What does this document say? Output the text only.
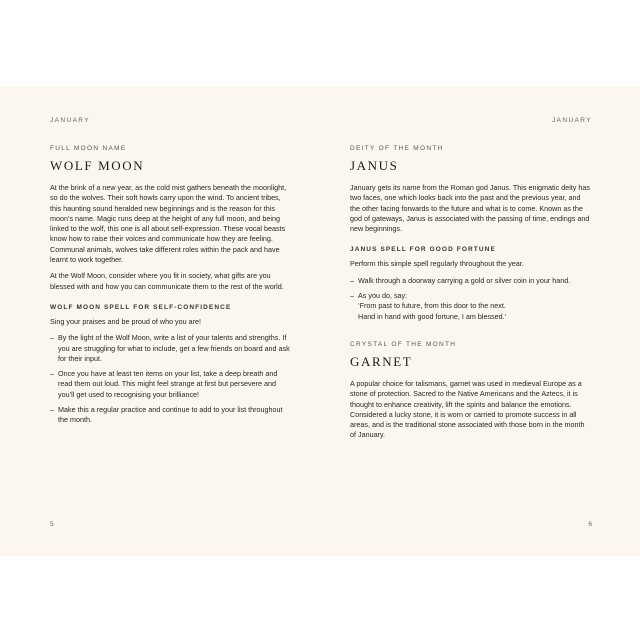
JANUARY
FULL MOON NAME
WOLF MOON

At the brink of a new year, as the cold mist gathers beneath the moonlight, so do the wolves. Their soft howls carry upon the wind. To ancient tribes, this haunting sound heralded new beginnings and is the reason for this moon’s name. Magic runs deep at the height of any full moon, and being linked to the wolf, this one is all about self-expression. These vocal beasts know how to raise their voices and communicate how they are feeling. Communal animals, wolves take different roles within the pack and have learnt to work together.

At the Wolf Moon, consider where you fit in society, what gifts are you blessed with and how you can communicate them to the rest of the world.

WOLF MOON SPELL FOR SELF-CONFIDENCE

Sing your praises and be proud of who you are!

– By the light of the Wolf Moon, write a list of your talents and strengths. If you are struggling for what to include, get a few friends on board and ask for their input.
– Once you have at least ten items on your list, take a deep breath and read them out loud. This might feel strange at first but persevere and you’ll get used to recognising your brilliance!
– Make this a regular practice and continue to add to your list throughout the month.
5
JANUARY
DEITY OF THE MONTH
JANUS

January gets its name from the Roman god Janus. This enigmatic deity has two faces, one which looks back into the past and the previous year, and the other facing forwards to the future and what is to come. Known as the god of gateways, Janus is associated with the passing of time, endings and new beginnings.

JANUS SPELL FOR GOOD FORTUNE

Perform this simple spell regularly throughout the year.

– Walk through a doorway carrying a gold or silver coin in your hand.
– As you do, say:
‘From past to future, from this door to the next.
Hand in hand with good fortune, I am blessed.’
CRYSTAL OF THE MONTH
GARNET

A popular choice for talismans, garnet was used in medieval Europe as a stone of protection. Sacred to the Native Americans and the Aztecs, it is thought to enhance creativity, lift the spirits and balance the emotions. Considered a lucky stone, it is worn or carried to promote success in all areas, and is the traditional stone associated with those born in the month of January.

6
